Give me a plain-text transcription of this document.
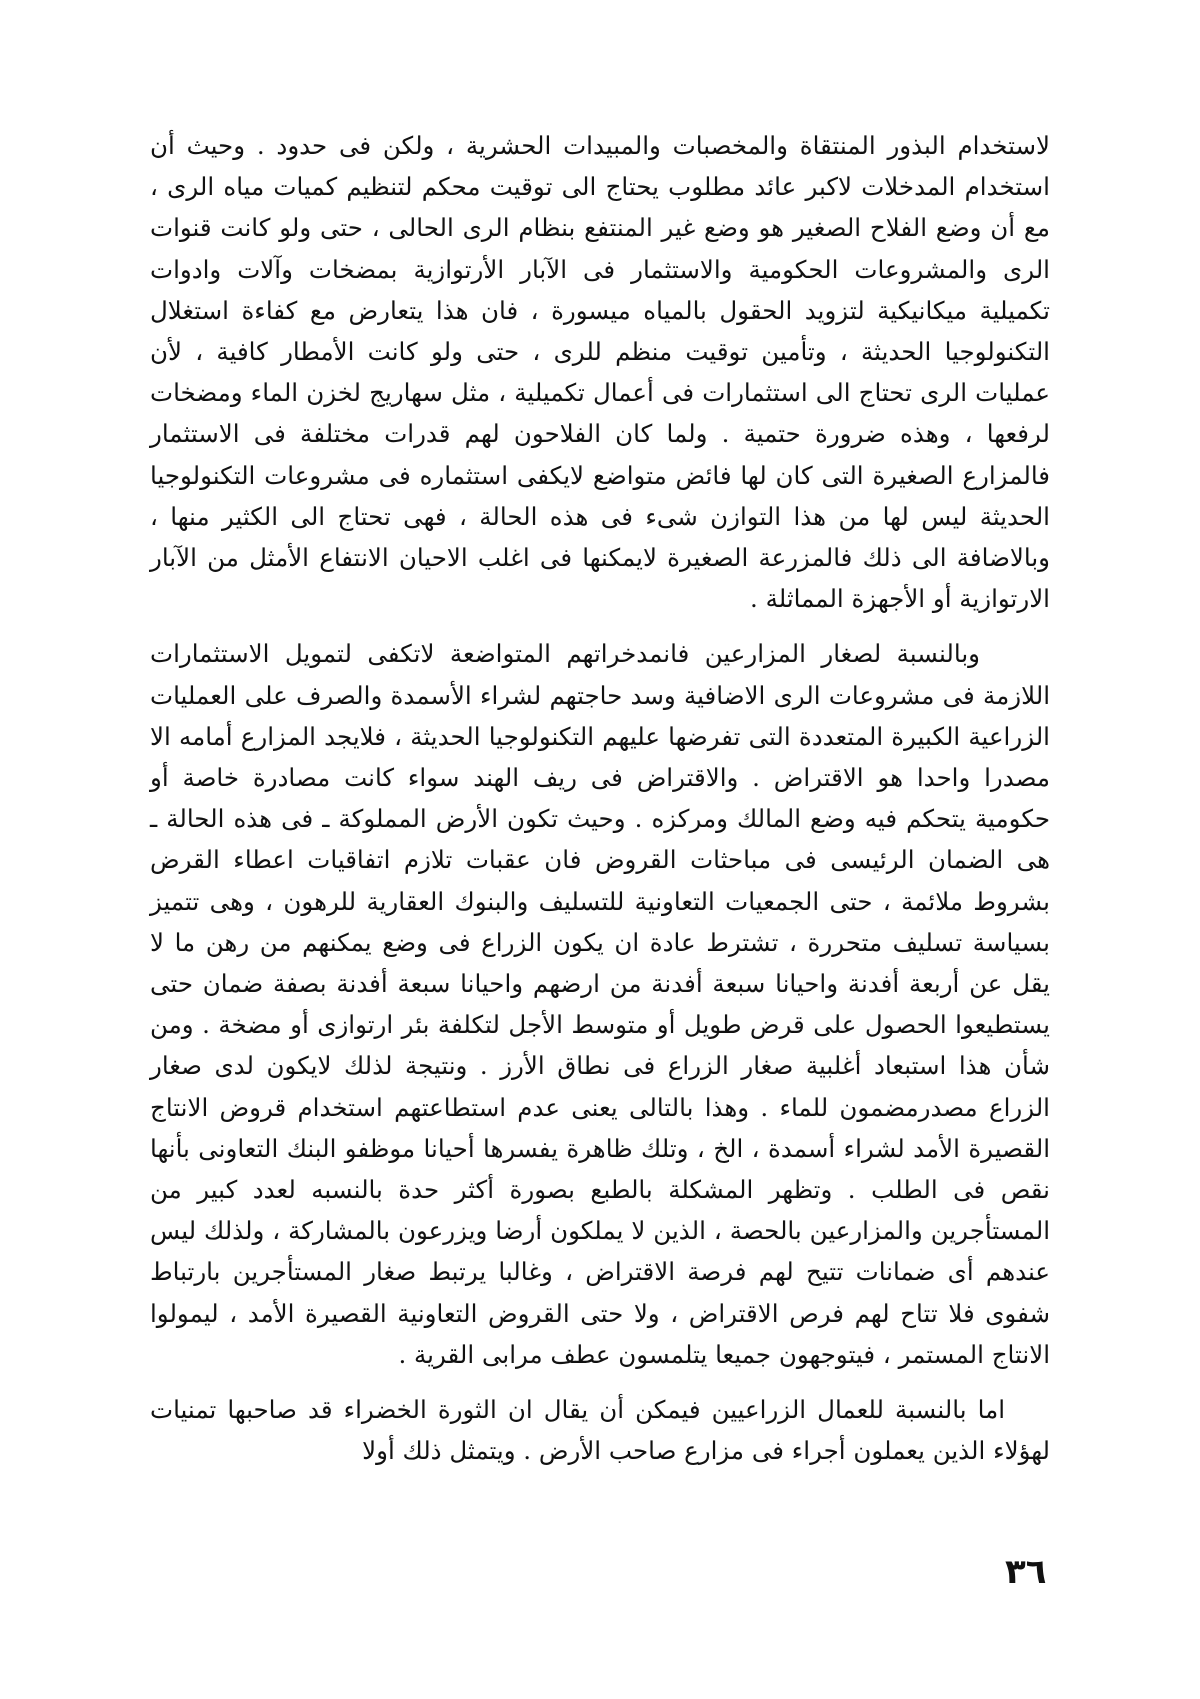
لاستخدام البذور المنتقاة والمخصبات والمبيدات الحشرية ، ولكن فى حدود . وحيث أن استخدام المدخلات لاكبر عائد مطلوب يحتاج الى توقيت محكم لتنظيم كميات مياه الرى ، مع أن وضع الفلاح الصغير هو وضع غير المنتفع بنظام الرى الحالى ، حتى ولو كانت قنوات الرى والمشروعات الحكومية والاستثمار فى الآبار الأرتوازية بمضخات وآلات وادوات تكميلية ميكانيكية لتزويد الحقول بالمياه ميسورة ، فان هذا يتعارض مع كفاءة استغلال التكنولوجيا الحديثة ، وتأمين توقيت منظم للرى ، حتى ولو كانت الأمطار كافية ، لأن عمليات الرى تحتاج الى استثمارات فى أعمال تكميلية ، مثل سهاريج لخزن الماء ومضخات لرفعها ، وهذه ضرورة حتمية . ولما كان الفلاحون لهم قدرات مختلفة فى الاستثمار فالمزارع الصغيرة التى كان لها فائض متواضع لايكفى استثماره فى مشروعات التكنولوجيا الحديثة ليس لها من هذا التوازن شىء فى هذه الحالة ، فهى تحتاج الى الكثير منها ، وبالاضافة الى ذلك فالمزرعة الصغيرة لايمكنها فى اغلب الاحيان الانتفاع الأمثل من الآبار الارتوازية أو الأجهزة المماثلة .

وبالنسبة لصغار المزارعين فانمدخراتهم المتواضعة لاتكفى لتمويل الاستثمارات اللازمة فى مشروعات الرى الاضافية وسد حاجتهم لشراء الأسمدة والصرف على العمليات الزراعية الكبيرة المتعددة التى تفرضها عليهم التكنولوجيا الحديثة ، فلايجد المزارع أمامه الا مصدرا واحدا هو الاقتراض . والاقتراض فى ريف الهند سواء كانت مصادرة خاصة أو حكومية يتحكم فيه وضع المالك ومركزه . وحيث تكون الأرض المملوكة ـ فى هذه الحالة ـ هى الضمان الرئيسى فى مباحثات القروض فان عقبات تلازم اتفاقيات اعطاء القرض بشروط ملائمة ، حتى الجمعيات التعاونية للتسليف والبنوك العقارية للرهون ، وهى تتميز بسياسة تسليف متحررة ، تشترط عادة ان يكون الزراع فى وضع يمكنهم من رهن ما لا يقل عن أربعة أفدنة واحيانا سبعة أفدنة من ارضهم واحيانا سبعة أفدنة بصفة ضمان حتى يستطيعوا الحصول على قرض طويل أو متوسط الأجل لتكلفة بئر ارتوازى أو مضخة . ومن شأن هذا استبعاد أغلبية صغار الزراع فى نطاق الأرز . ونتيجة لذلك لايكون لدى صغار الزراع مصدرمضمون للماء . وهذا بالتالى يعنى عدم استطاعتهم استخدام قروض الانتاج القصيرة الأمد لشراء أسمدة ، الخ ، وتلك ظاهرة يفسرها أحيانا موظفو البنك التعاونى بأنها نقص فى الطلب . وتظهر المشكلة بالطبع بصورة أكثر حدة بالنسبه لعدد كبير من المستأجرين والمزارعين بالحصة ، الذين لا يملكون أرضا ويزرعون بالمشاركة ، ولذلك ليس عندهم أى ضمانات تتيح لهم فرصة الاقتراض ، وغالبا يرتبط صغار المستأجرين بارتباط شفوى فلا تتاح لهم فرص الاقتراض ، ولا حتى القروض التعاونية القصيرة الأمد ، ليمولوا الانتاج المستمر ، فيتوجهون جميعا يتلمسون عطف مرابى القرية .

اما بالنسبة للعمال الزراعيين فيمكن أن يقال ان الثورة الخضراء قد صاحبها تمنيات لهؤلاء الذين يعملون أجراء فى مزارع صاحب الأرض . ويتمثل ذلك أولا

٣٦
